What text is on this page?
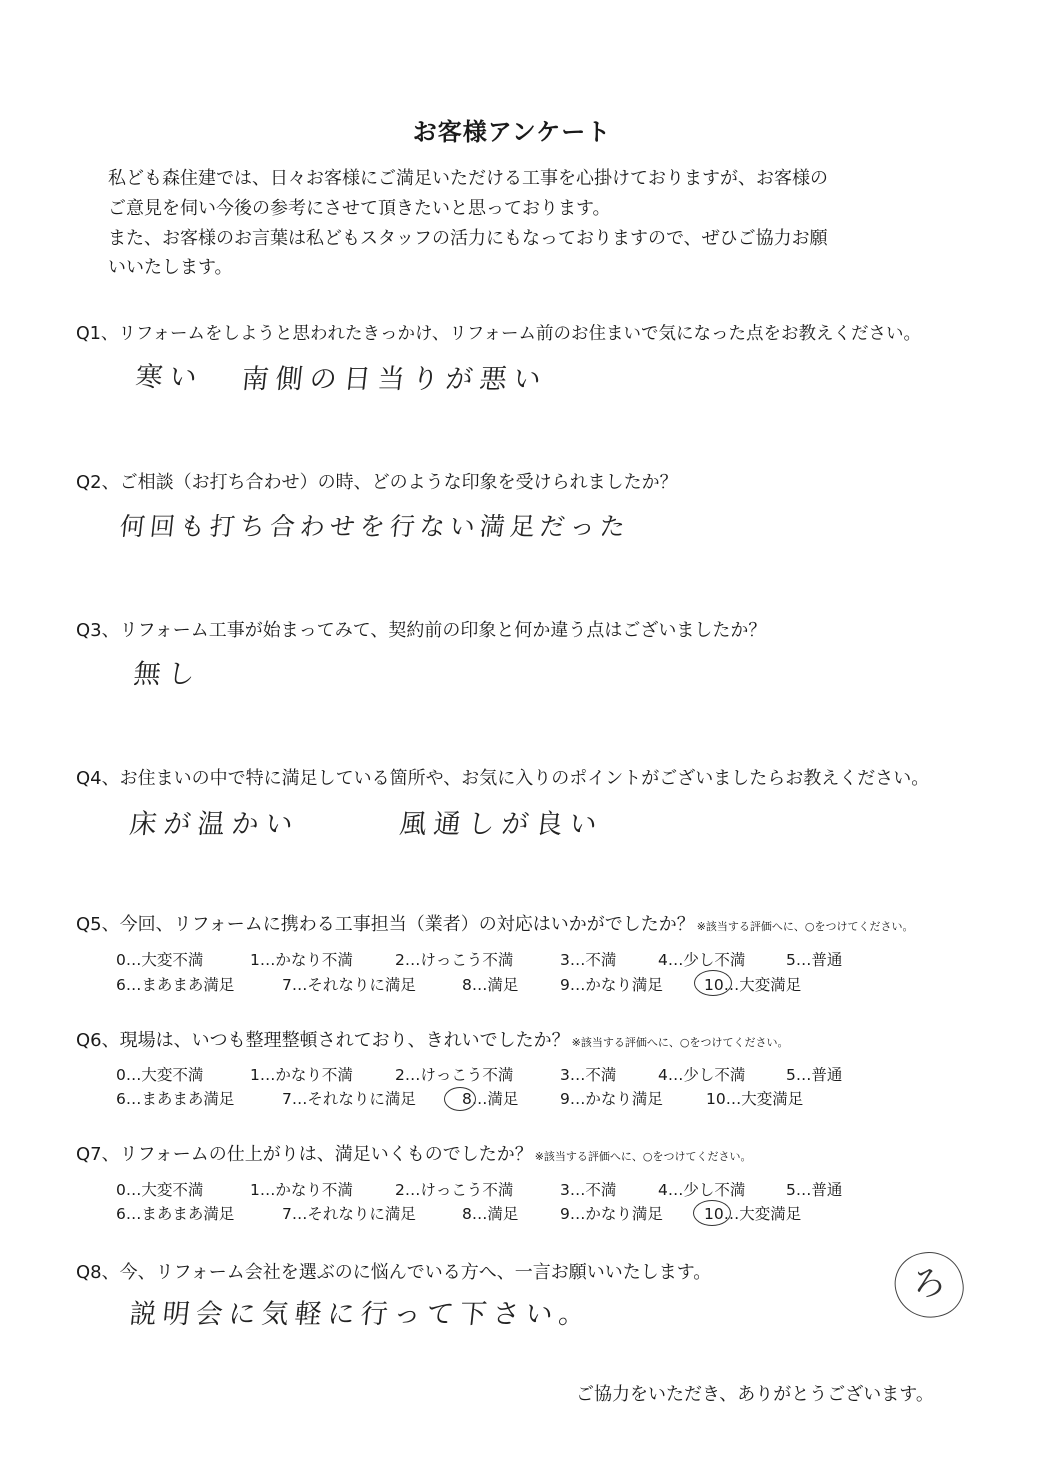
お客様アンケート
私ども森住建では、日々お客様にご満足いただける工事を心掛けておりますが、お客様の
ご意見を伺い今後の参考にさせて頂きたいと思っております。
また、お客様のお言葉は私どもスタッフの活力にもなっておりますので、ぜひご協力お願
いいたします。
Q1、リフォームをしようと思われたきっかけ、リフォーム前のお住まいで気になった点をお教えください。
寒い 南側の日当りが悪い
Q2、ご相談（お打ち合わせ）の時、どのような印象を受けられましたか？
何回も打ち合わせを行ない満足だった
Q3、リフォーム工事が始まってみて、契約前の印象と何か違う点はございましたか？
無し
Q4、お住まいの中で特に満足している箇所や、お気に入りのポイントがございましたらお教えください。
床が温かい	風通しが良い
Q5、今回、リフォームに携わる工事担当（業者）の対応はいかがでしたか？ ※該当する評価へに、○をつけてください。
0…大変不満	1…かなり不満	2…けっこう不満	3…不満	4…少し不満	5…普通
6…まあまあ満足	7…それなりに満足	8…満足	9…かなり満足	10…大変満足
Q6、現場は、いつも整理整頓されており、きれいでしたか？ ※該当する評価へに、○をつけてください。
0…大変不満	1…かなり不満	2…けっこう不満	3…不満	4…少し不満	5…普通
6…まあまあ満足	7…それなりに満足	8…満足	9…かなり満足	10…大変満足
Q7、リフォームの仕上がりは、満足いくものでしたか？ ※該当する評価へに、○をつけてください。
0…大変不満	1…かなり不満	2…けっこう不満	3…不満	4…少し不満	5…普通
6…まあまあ満足	7…それなりに満足	8…満足	9…かなり満足	10…大変満足
Q8、今、リフォーム会社を選ぶのに悩んでいる方へ、一言お願いいたします。
説明会に気軽に行って下さい。
ろ
ご協力をいただき、ありがとうございます。
